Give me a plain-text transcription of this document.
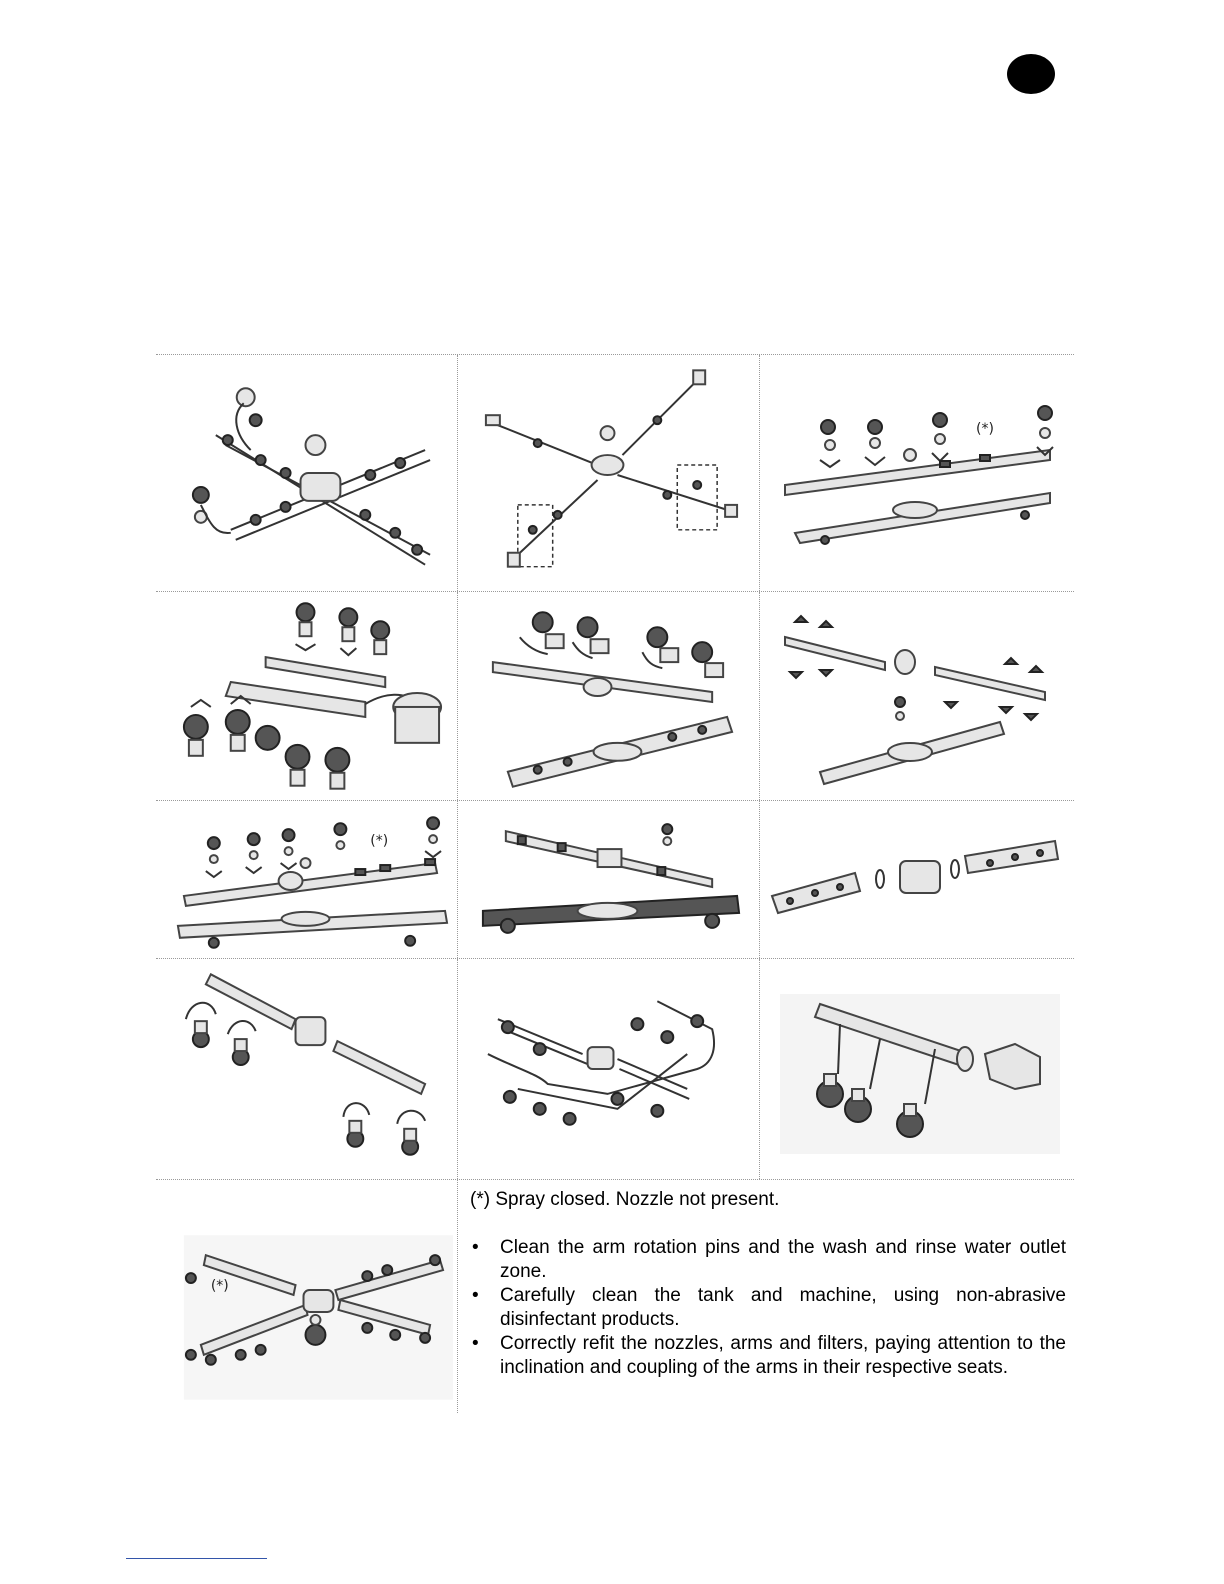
(*)
(*)
(*)

(*) Spray closed. Nozzle not present.

• Clean the arm rotation pins and the wash and rinse water outlet zone.
• Carefully clean the tank and machine, using non-abrasive disinfectant products.
• Correctly refit the nozzles, arms and filters, paying attention to the inclination and coupling of the arms in their respective seats.
